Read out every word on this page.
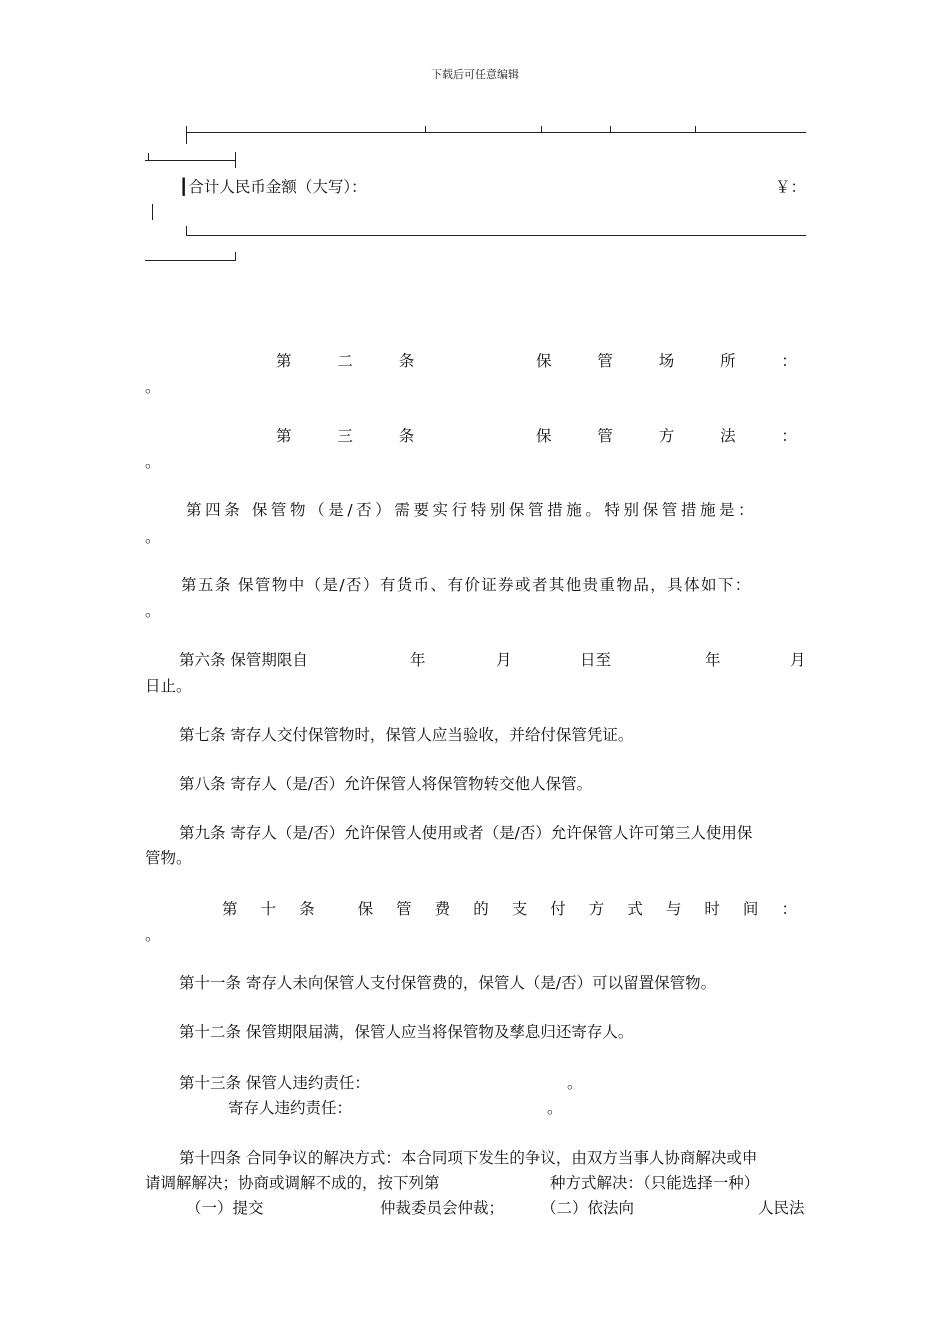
下载后可任意编辑
┃合计人民币金额（大写）：	￥：
第	二	条	保	管	场	所	：
。
第	三	条	保	管	方	法	：
。
第四条 保管物（是/否）需要实行特别保管措施。特别保管措施是：
。
第五条 保管物中（是/否）有货币、有价证券或者其他贵重物品，具体如下：
。
第六条 保管期限自	年	月	日至	年	月
日止。
第七条 寄存人交付保管物时，保管人应当验收，并给付保管凭证。
第八条 寄存人（是/否）允许保管人将保管物转交他人保管。
第九条 寄存人（是/否）允许保管人使用或者（是/否）允许保管人许可第三人使用保
管物。
第 十 条	保 管 费 的 支 付 方 式 与 时 间 ：
。
第十一条 寄存人未向保管人支付保管费的，保管人（是/否）可以留置保管物。
第十二条 保管期限届满，保管人应当将保管物及孳息归还寄存人。
第十三条 保管人违约责任：	。
寄存人违约责任：	。
第十四条 合同争议的解决方式：本合同项下发生的争议，由双方当事人协商解决或申
请调解解决；协商或调解不成的，按下列第	种方式解决：（只能选择一种）
（一）提交	仲裁委员会仲裁； （二）依法向	人民法
